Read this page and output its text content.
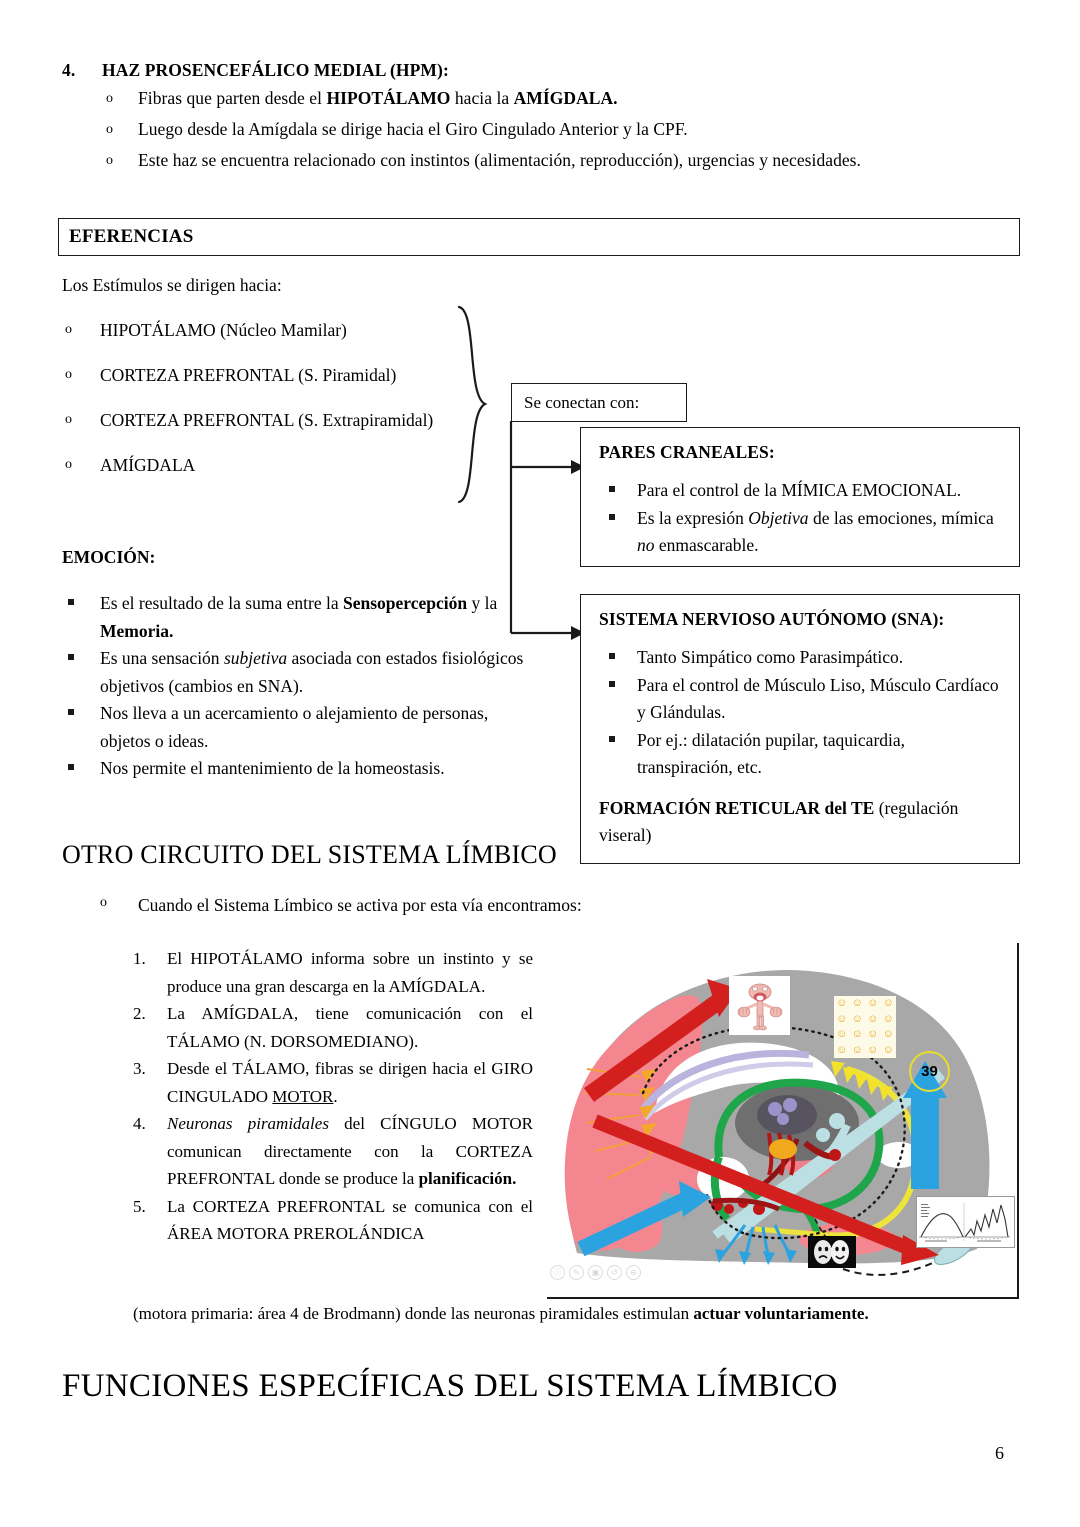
4. HAZ PROSENCEFÁLICO MEDIAL (HPM):
o Fibras que parten desde el HIPOTÁLAMO hacia la AMÍGDALA.
o Luego desde la Amígdala se dirige hacia el Giro Cingulado Anterior y la CPF.
o Este haz se encuentra relacionado con instintos (alimentación, reproducción), urgencias y necesidades.
EFERENCIAS
Los Estímulos se dirigen hacia:
o HIPOTÁLAMO (Núcleo Mamilar)
o CORTEZA PREFRONTAL (S. Piramidal)
o CORTEZA PREFRONTAL (S. Extrapiramidal)
o AMÍGDALA
Se conectan con:
PARES CRANEALES:
Para el control de la MÍMICA EMOCIONAL.
Es la expresión Objetiva de las emociones, mímica no enmascarable.
SISTEMA NERVIOSO AUTÓNOMO (SNA):
Tanto Simpático como Parasimpático.
Para el control de Músculo Liso, Músculo Cardíaco y Glándulas.
Por ej.: dilatación pupilar, taquicardia, transpiración, etc.
FORMACIÓN RETICULAR del TE (regulación viseral)
EMOCIÓN:
Es el resultado de la suma entre la Sensopercepción y la Memoria.
Es una sensación subjetiva asociada con estados fisiológicos objetivos (cambios en SNA).
Nos lleva a un acercamiento o alejamiento de personas, objetos o ideas.
Nos permite el mantenimiento de la homeostasis.
OTRO CIRCUITO DEL SISTEMA LÍMBICO
o Cuando el Sistema Límbico se activa por esta vía encontramos:
1. El HIPOTÁLAMO informa sobre un instinto y se produce una gran descarga en la AMÍGDALA.
2. La AMÍGDALA, tiene comunicación con el TÁLAMO (N. DORSOMEDIANO).
3. Desde el TÁLAMO, fibras se dirigen hacia el GIRO CINGULADO MOTOR.
4. Neuronas piramidales del CÍNGULO MOTOR comunican directamente con la CORTEZA PREFRONTAL donde se produce la planificación.
5. La CORTEZA PREFRONTAL se comunica con el ÁREA MOTORA PREROLÁNDICA
(motora primaria: área 4 de Brodmann) donde las neuronas piramidales estimulan actuar voluntariamente.
FUNCIONES ESPECÍFICAS DEL SISTEMA LÍMBICO
6
☺ ☺ ☺ ☺
☺ ☺ ☺ ☺
☺ ☺ ☺ ☺
☺ ☺ ☺ ☺
39
ⓘ	✎	▣	↺	⊖
